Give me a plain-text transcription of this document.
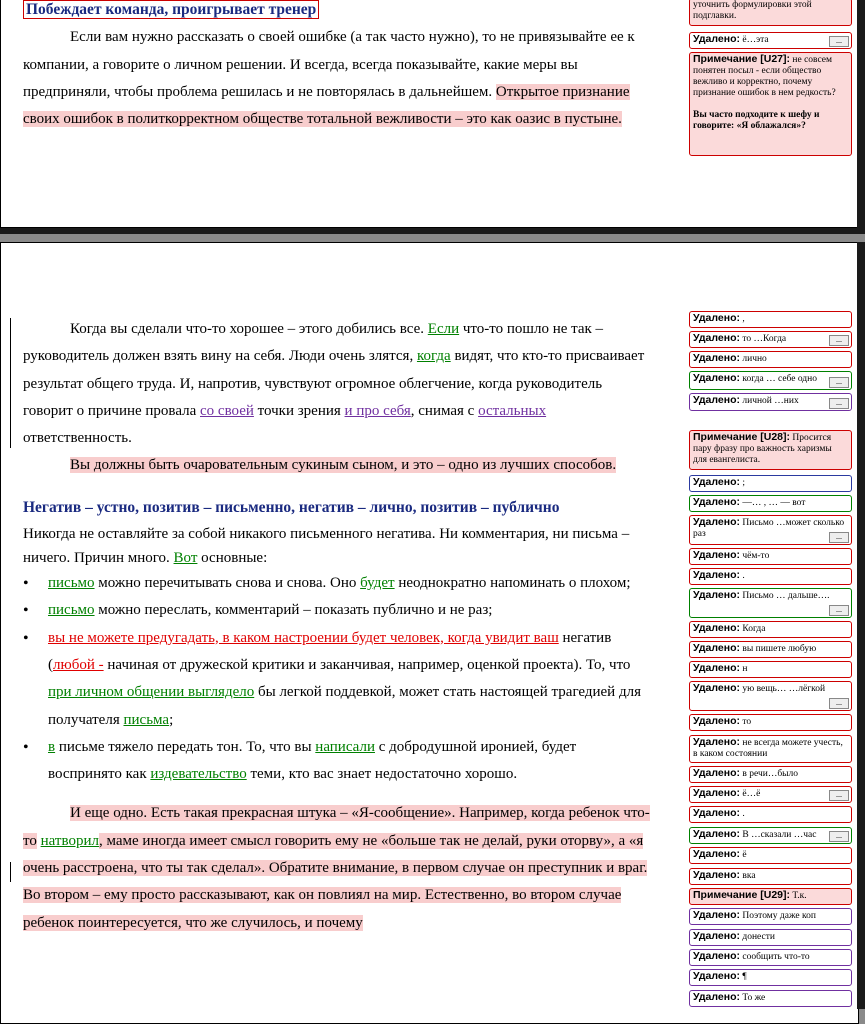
Побеждает команда, проигрывает тренер
Если вам нужно рассказать о своей ошибке (а так часто нужно), то не привязывайте ее к компании, а говорите о личном решении. И всегда, всегда показывайте, какие меры вы предприняли, чтобы проблема решилась и не повторялась в дальнейшем. Открытое признание своих ошибок в политкорректном обществе тотальной вежливости – это как оазис в пустыне.
уточнить формулировки этой подглавки.
Удалено: ё…эта	...
Примечание [U27]: не совсем понятен посыл - если общество вежливо и корректно, почему признание ошибок в нем редкость?

Вы часто подходите к шефу и говорите: «Я облажался»?
Когда вы сделали что-то хорошее – этого добились все. Если что-то пошло не так – руководитель должен взять вину на себя. Люди очень злятся, когда видят, что кто-то присваивает результат общего труда. И, напротив, чувствуют огромное облегчение, когда руководитель говорит о причине провала со своей точки зрения и про себя, снимая с остальных ответственность.
Вы должны быть очаровательным сукиным сыном, и это – одно из лучших способов.
Негатив – устно, позитив – письменно, негатив – лично, позитив – публично
Никогда не оставляйте за собой никакого письменного негатива. Ни комментария, ни письма – ничего. Причин много. Вот основные:
• письмо можно перечитывать снова и снова. Оно будет неоднократно напоминать о плохом;
• письмо можно переслать, комментарий – показать публично и не раз;
• вы не можете предугадать, в каком настроении будет человек, когда увидит ваш негатив (любой - начиная от дружеской критики и заканчивая, например, оценкой проекта). То, что при личном общении выглядело бы легкой поддевкой, может стать настоящей трагедией для получателя письма;
• в письме тяжело передать тон. То, что вы написали с добродушной иронией, будет воспринято как издевательство теми, кто вас знает недостаточно хорошо.
И еще одно. Есть такая прекрасная штука – «Я-сообщение». Например, когда ребенок что-то натворил, маме иногда имеет смысл говорить ему не «больше так не делай, руки оторву», а «я очень расстроена, что ты так сделал». Обратите внимание, в первом случае он преступник и враг. Во втором – ему просто рассказывают, как он повлиял на мир. Естественно, во втором случае ребенок поинтересуется, что же случилось, и почему
Удалено: ,
Удалено: то …Когда	...
Удалено: лично
Удалено: когда … себе одно	...
Удалено: личной …них	...
Примечание [U28]: Просится пару фразу про важность харизмы для евангелиста.
Удалено: ;
Удалено: —… , … — вот
Удалено: Письмо …может сколько раз	...
Удалено: чём-то
Удалено: .
Удалено: Письмо … дальше….
...
Удалено: Когда
Удалено: вы пишете любую
Удалено: н
Удалено: ую вещь… …лёгкой
...
Удалено: то
Удалено: не всегда можете учесть, в каком состоянии
Удалено: в речи…было
Удалено: ё…ё	...
Удалено: .
Удалено: В …сказали …час	...
Удалено: ё
Удалено: вка
Примечание [U29]: Т.к.
Удалено: Поэтому даже коп
Удалено: донести
Удалено: сообщить что-то
Удалено: ¶
Удалено: То же
